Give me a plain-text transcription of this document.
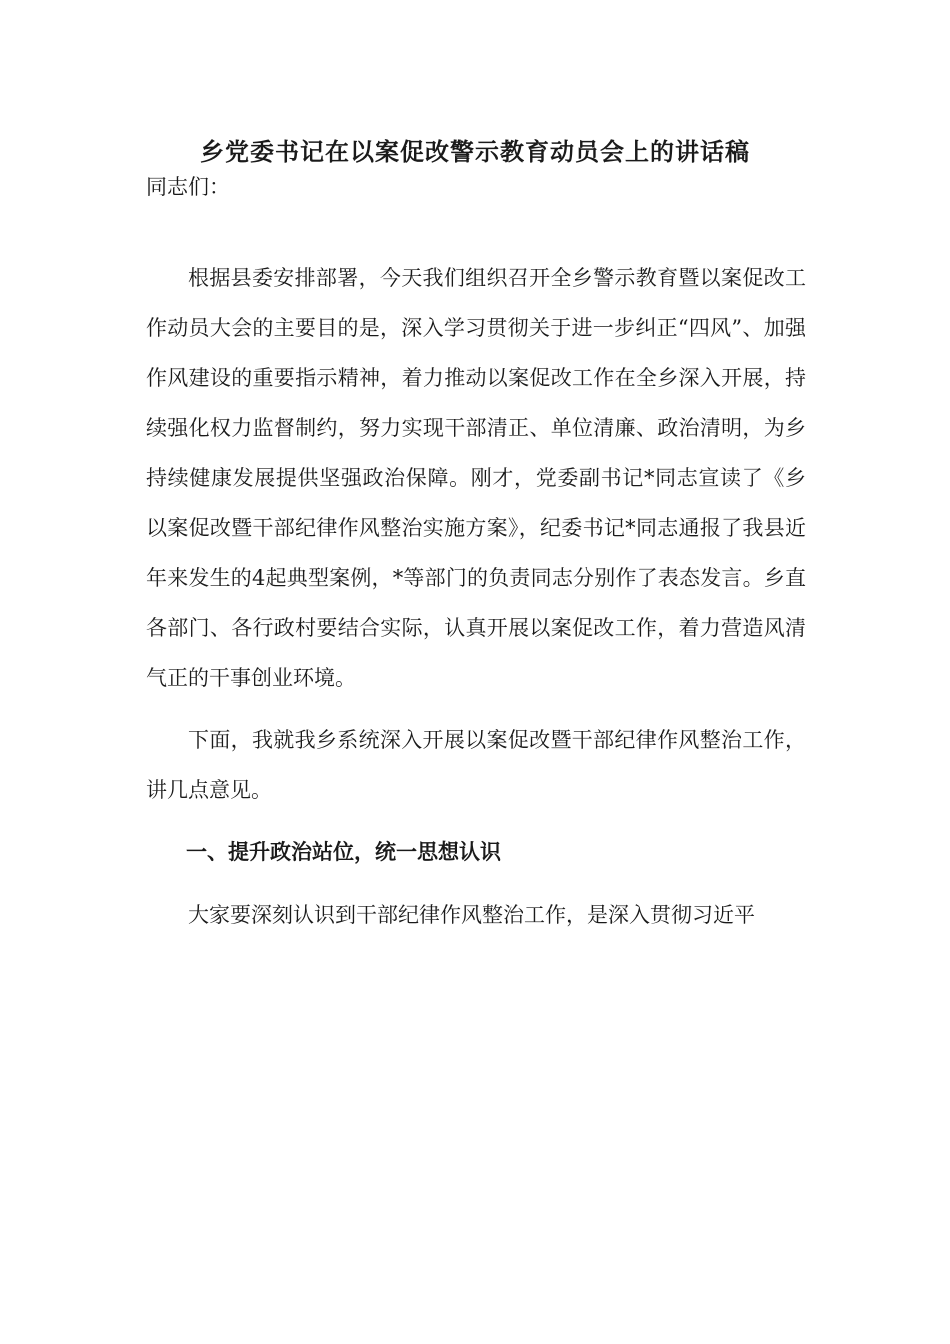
乡党委书记在以案促改警示教育动员会上的讲话稿
同志们：

根据县委安排部署，今天我们组织召开全乡警示教育暨以案促改工作动员大会的主要目的是，深入学习贯彻关于进一步纠正“四风”、加强作风建设的重要指示精神，着力推动以案促改工作在全乡深入开展，持续强化权力监督制约，努力实现干部清正、单位清廉、政治清明，为乡持续健康发展提供坚强政治保障。刚才，党委副书记*同志宣读了《乡以案促改暨干部纪律作风整治实施方案》，纪委书记*同志通报了我县近年来发生的4起典型案例，*等部门的负责同志分别作了表态发言。乡直各部门、各行政村要结合实际，认真开展以案促改工作，着力营造风清气正的干事创业环境。

下面，我就我乡系统深入开展以案促改暨干部纪律作风整治工作，讲几点意见。

一、提升政治站位，统一思想认识

大家要深刻认识到干部纪律作风整治工作，是深入贯彻习近平
